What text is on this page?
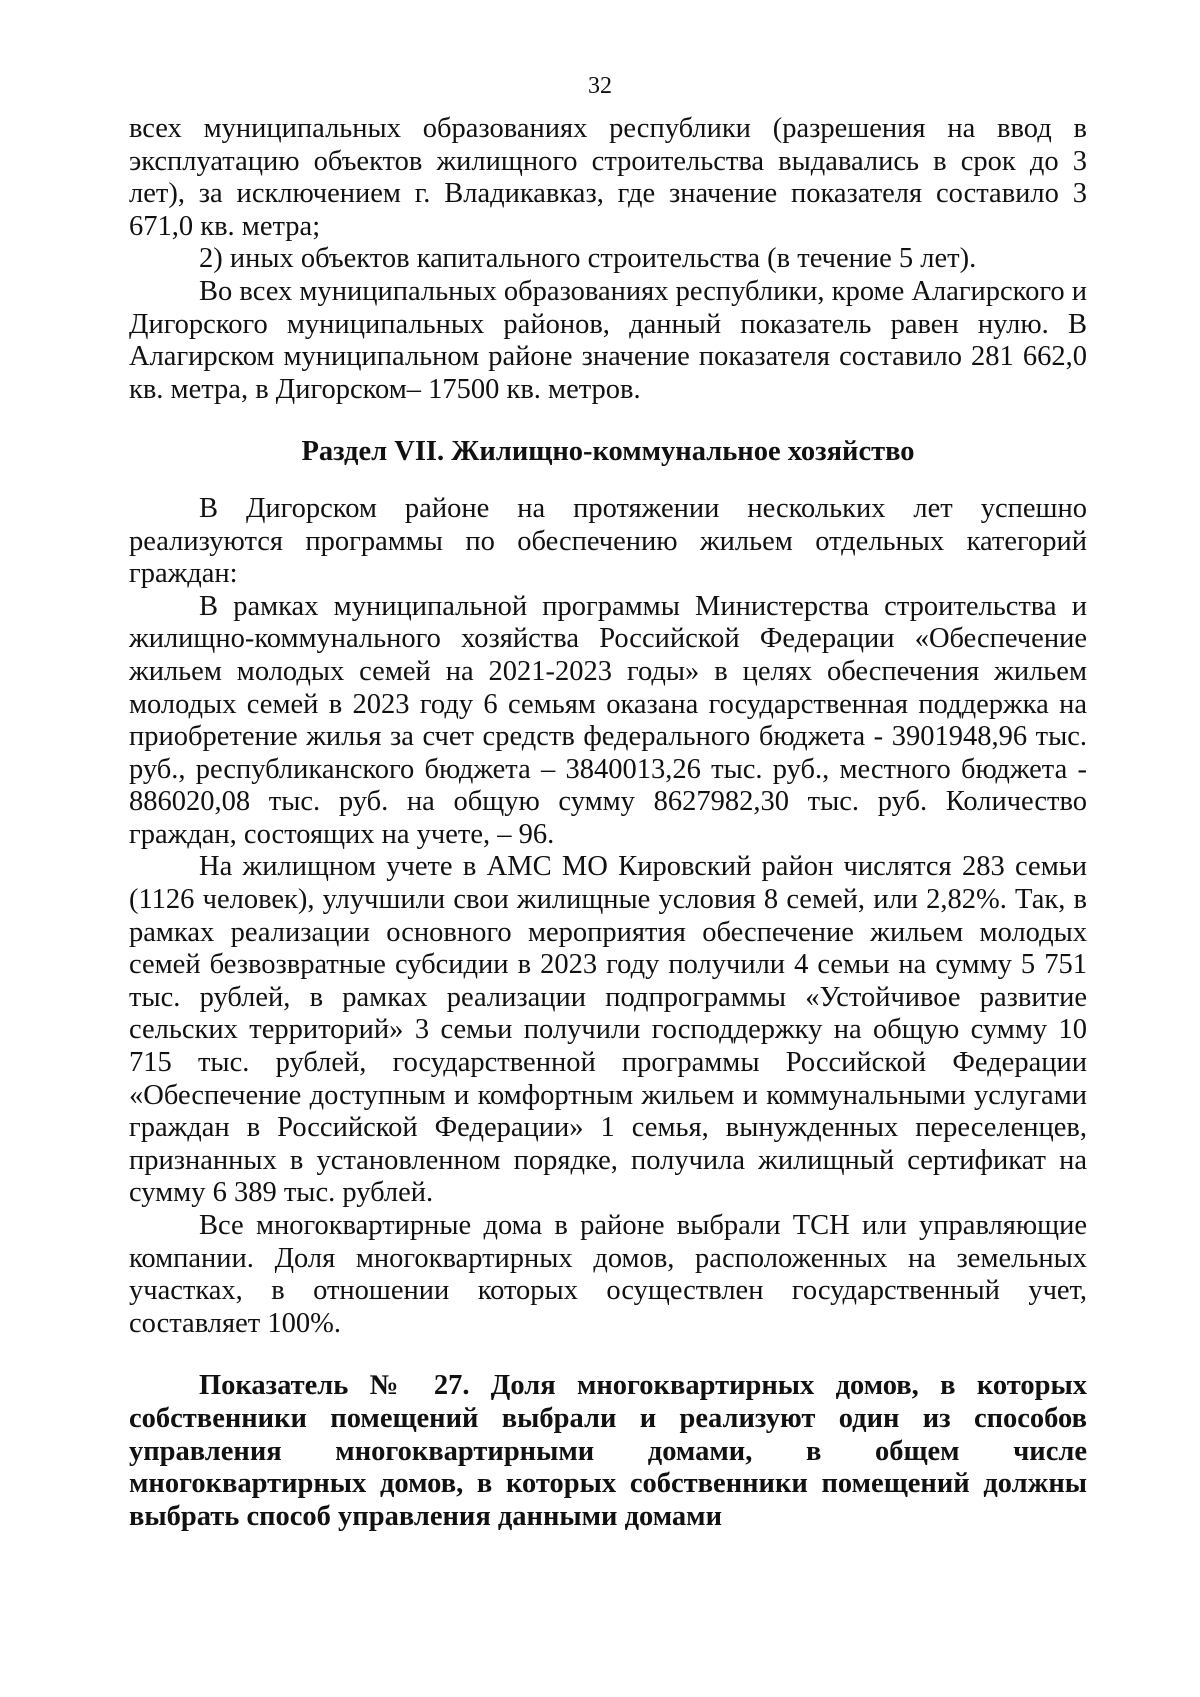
32

всех муниципальных образованиях республики (разрешения на ввод в эксплуатацию объектов жилищного строительства выдавались в срок до 3 лет), за исключением г. Владикавказ, где значение показателя составило 3 671,0 кв. метра;

2) иных объектов капитального строительства (в течение 5 лет).

Во всех муниципальных образованиях республики, кроме Алагирского и Дигорского муниципальных районов, данный показатель равен нулю. В Алагирском муниципальном районе значение показателя составило 281 662,0 кв. метра, в Дигорском– 17500 кв. метров.

Раздел VII. Жилищно-коммунальное хозяйство

В Дигорском районе на протяжении нескольких лет успешно реализуются программы по обеспечению жильем отдельных категорий граждан:

В рамках муниципальной программы Министерства строительства и жилищно-коммунального хозяйства Российской Федерации «Обеспечение жильем молодых семей на 2021-2023 годы» в целях обеспечения жильем молодых семей в 2023 году 6 семьям оказана государственная поддержка на приобретение жилья за счет средств федерального бюджета - 3901948,96 тыс. руб., республиканского бюджета – 3840013,26 тыс. руб., местного бюджета - 886020,08 тыс. руб. на общую сумму 8627982,30 тыс. руб. Количество граждан, состоящих на учете, – 96.

На жилищном учете в АМС МО Кировский район числятся 283 семьи (1126 человек), улучшили свои жилищные условия 8 семей, или 2,82%. Так, в рамках реализации основного мероприятия обеспечение жильем молодых семей безвозвратные субсидии в 2023 году получили 4 семьи на сумму 5 751 тыс. рублей, в рамках реализации подпрограммы «Устойчивое развитие сельских территорий» 3 семьи получили господдержку на общую сумму 10 715 тыс. рублей, государственной программы Российской Федерации «Обеспечение доступным и комфортным жильем и коммунальными услугами граждан в Российской Федерации» 1 семья, вынужденных переселенцев, признанных в установленном порядке, получила жилищный сертификат на сумму 6 389 тыс. рублей.

Все многоквартирные дома в районе выбрали ТСН или управляющие компании. Доля многоквартирных домов, расположенных на земельных участках, в отношении которых осуществлен государственный учет, составляет 100%.

Показатель № 27. Доля многоквартирных домов, в которых собственники помещений выбрали и реализуют один из способов управления многоквартирными домами, в общем числе многоквартирных домов, в которых собственники помещений должны выбрать способ управления данными домами
